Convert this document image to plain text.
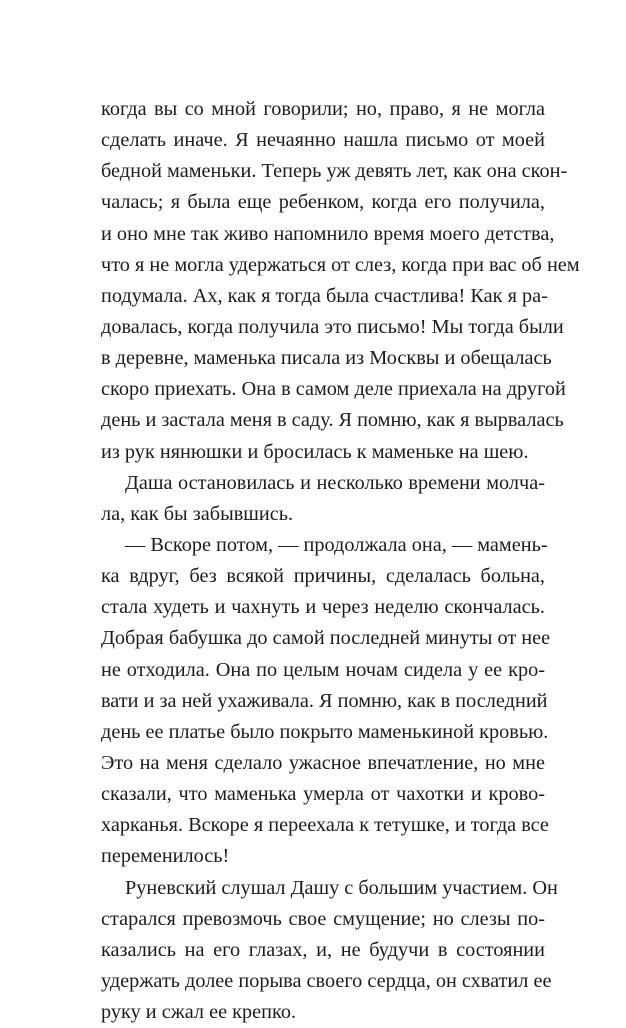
когда вы со мной говорили; но, право, я не могла
сделать иначе. Я нечаянно нашла письмо от моей
бедной маменьки. Теперь уж девять лет, как она скон-
чалась; я была еще ребенком, когда его получила,
и оно мне так живо напомнило время моего детства,
что я не могла удержаться от слез, когда при вас об нем
подумала. Ах, как я тогда была счастлива! Как я ра-
довалась, когда получила это письмо! Мы тогда были
в деревне, маменька писала из Москвы и обещалась
скоро приехать. Она в самом деле приехала на другой
день и застала меня в саду. Я помню, как я вырвалась
из рук нянюшки и бросилась к маменьке на шею.
Даша остановилась и несколько времени молча-
ла, как бы забывшись.
— Вскоре потом, — продолжала она, — мамень-
ка вдруг, без всякой причины, сделалась больна,
стала худеть и чахнуть и через неделю скончалась.
Добрая бабушка до самой последней минуты от нее
не отходила. Она по целым ночам сидела у ее кро-
вати и за ней ухаживала. Я помню, как в последний
день ее платье было покрыто маменькиной кровью.
Это на меня сделало ужасное впечатление, но мне
сказали, что маменька умерла от чахотки и крово-
харканья. Вскоре я переехала к тетушке, и тогда все
переменилось!
Руневский слушал Дашу с большим участием. Он
старался превозмочь свое смущение; но слезы по-
казались на его глазах, и, не будучи в состоянии
удержать долее порыва своего сердца, он схватил ее
руку и сжал ее крепко.
